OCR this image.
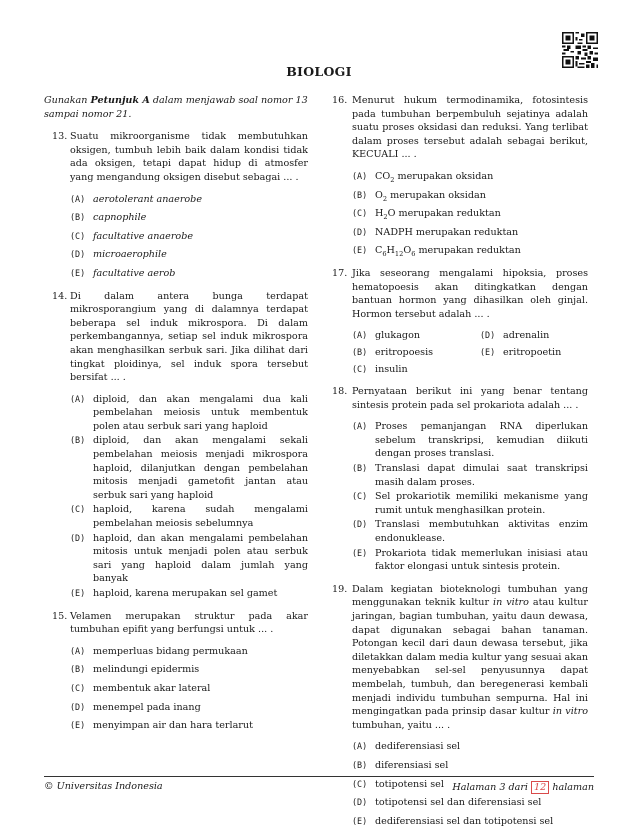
BIOLOGI
Gunakan Petunjuk A dalam menjawab soal nomor 13 sampai nomor 21.
13. Suatu mikroorganisme tidak membutuhkan oksigen, tumbuh lebih baik dalam kondisi tidak ada oksigen, tetapi dapat hidup di atmosfer yang mengandung oksigen disebut sebagai ... .
(A) aerotolerant anaerobe
(B) capnophile
(C) facultative anaerobe
(D) microaerophile
(E) facultative aerob
14. Di dalam antera bunga terdapat mikrosporangium yang di dalamnya terdapat beberapa sel induk mikrospora. Di dalam perkembangannya, setiap sel induk mikrospora akan menghasilkan serbuk sari. Jika dilihat dari tingkat ploidinya, sel induk spora tersebut bersifat ... .
(A) diploid, dan akan mengalami dua kali pembelahan meiosis untuk membentuk polen atau serbuk sari yang haploid
(B) diploid, dan akan mengalami sekali pembelahan meiosis menjadi mikrospora haploid, dilanjutkan dengan pembelahan mitosis menjadi gametofit jantan atau serbuk sari yang haploid
(C) haploid, karena sudah mengalami pembelahan meiosis sebelumnya
(D) haploid, dan akan mengalami pembelahan mitosis untuk menjadi polen atau serbuk sari yang haploid dalam jumlah yang banyak
(E) haploid, karena merupakan sel gamet
15. Velamen merupakan struktur pada akar tumbuhan epifit yang berfungsi untuk ... .
(A) memperluas bidang permukaan
(B) melindungi epidermis
(C) membentuk akar lateral
(D) menempel pada inang
(E) menyimpan air dan hara terlarut
16. Menurut hukum termodinamika, fotosintesis pada tumbuhan berpembuluh sejatinya adalah suatu proses oksidasi dan reduksi. Yang terlibat dalam proses tersebut adalah sebagai berikut, KECUALI ... .
(A) $CO_2$ merupakan oksidan
(B) $O_2$ merupakan oksidan
(C) $H_2O$ merupakan reduktan
(D) NADPH merupakan reduktan
(E) $C_6H_{12}O_6$ merupakan reduktan
17. Jika seseorang mengalami hipoksia, proses hematopoesis akan ditingkatkan dengan bantuan hormon yang dihasilkan oleh ginjal. Hormon tersebut adalah ... .
(A) glukagon	(D) adrenalin
(B) eritropoesis	(E) eritropoetin
(C) insulin
18. Pernyataan berikut ini yang benar tentang sintesis protein pada sel prokariota adalah ... .
(A) Proses pemanjangan RNA diperlukan sebelum transkripsi, kemudian diikuti dengan proses translasi.
(B) Translasi dapat dimulai saat transkripsi masih dalam proses.
(C) Sel prokariotik memiliki mekanisme yang rumit untuk menghasilkan protein.
(D) Translasi membutuhkan aktivitas enzim endonuklease.
(E) Prokariota tidak memerlukan inisiasi atau faktor elongasi untuk sintesis protein.
19. Dalam kegiatan bioteknologi tumbuhan yang menggunakan teknik kultur in vitro atau kultur jaringan, bagian tumbuhan, yaitu daun dewasa, dapat digunakan sebagai bahan tanaman. Potongan kecil dari daun dewasa tersebut, jika diletakkan dalam media kultur yang sesuai akan menyebabkan sel-sel penyusunnya dapat membelah, tumbuh, dan beregenerasi kembali menjadi individu tumbuhan sempurna. Hal ini mengingatkan pada prinsip dasar kultur in vitro tumbuhan, yaitu ... .
(A) dediferensiasi sel
(B) diferensiasi sel
(C) totipotensi sel
(D) totipotensi sel dan diferensiasi sel
(E) dediferensiasi sel dan totipotensi sel
© Universitas Indonesia	Halaman 3 dari 12 halaman
